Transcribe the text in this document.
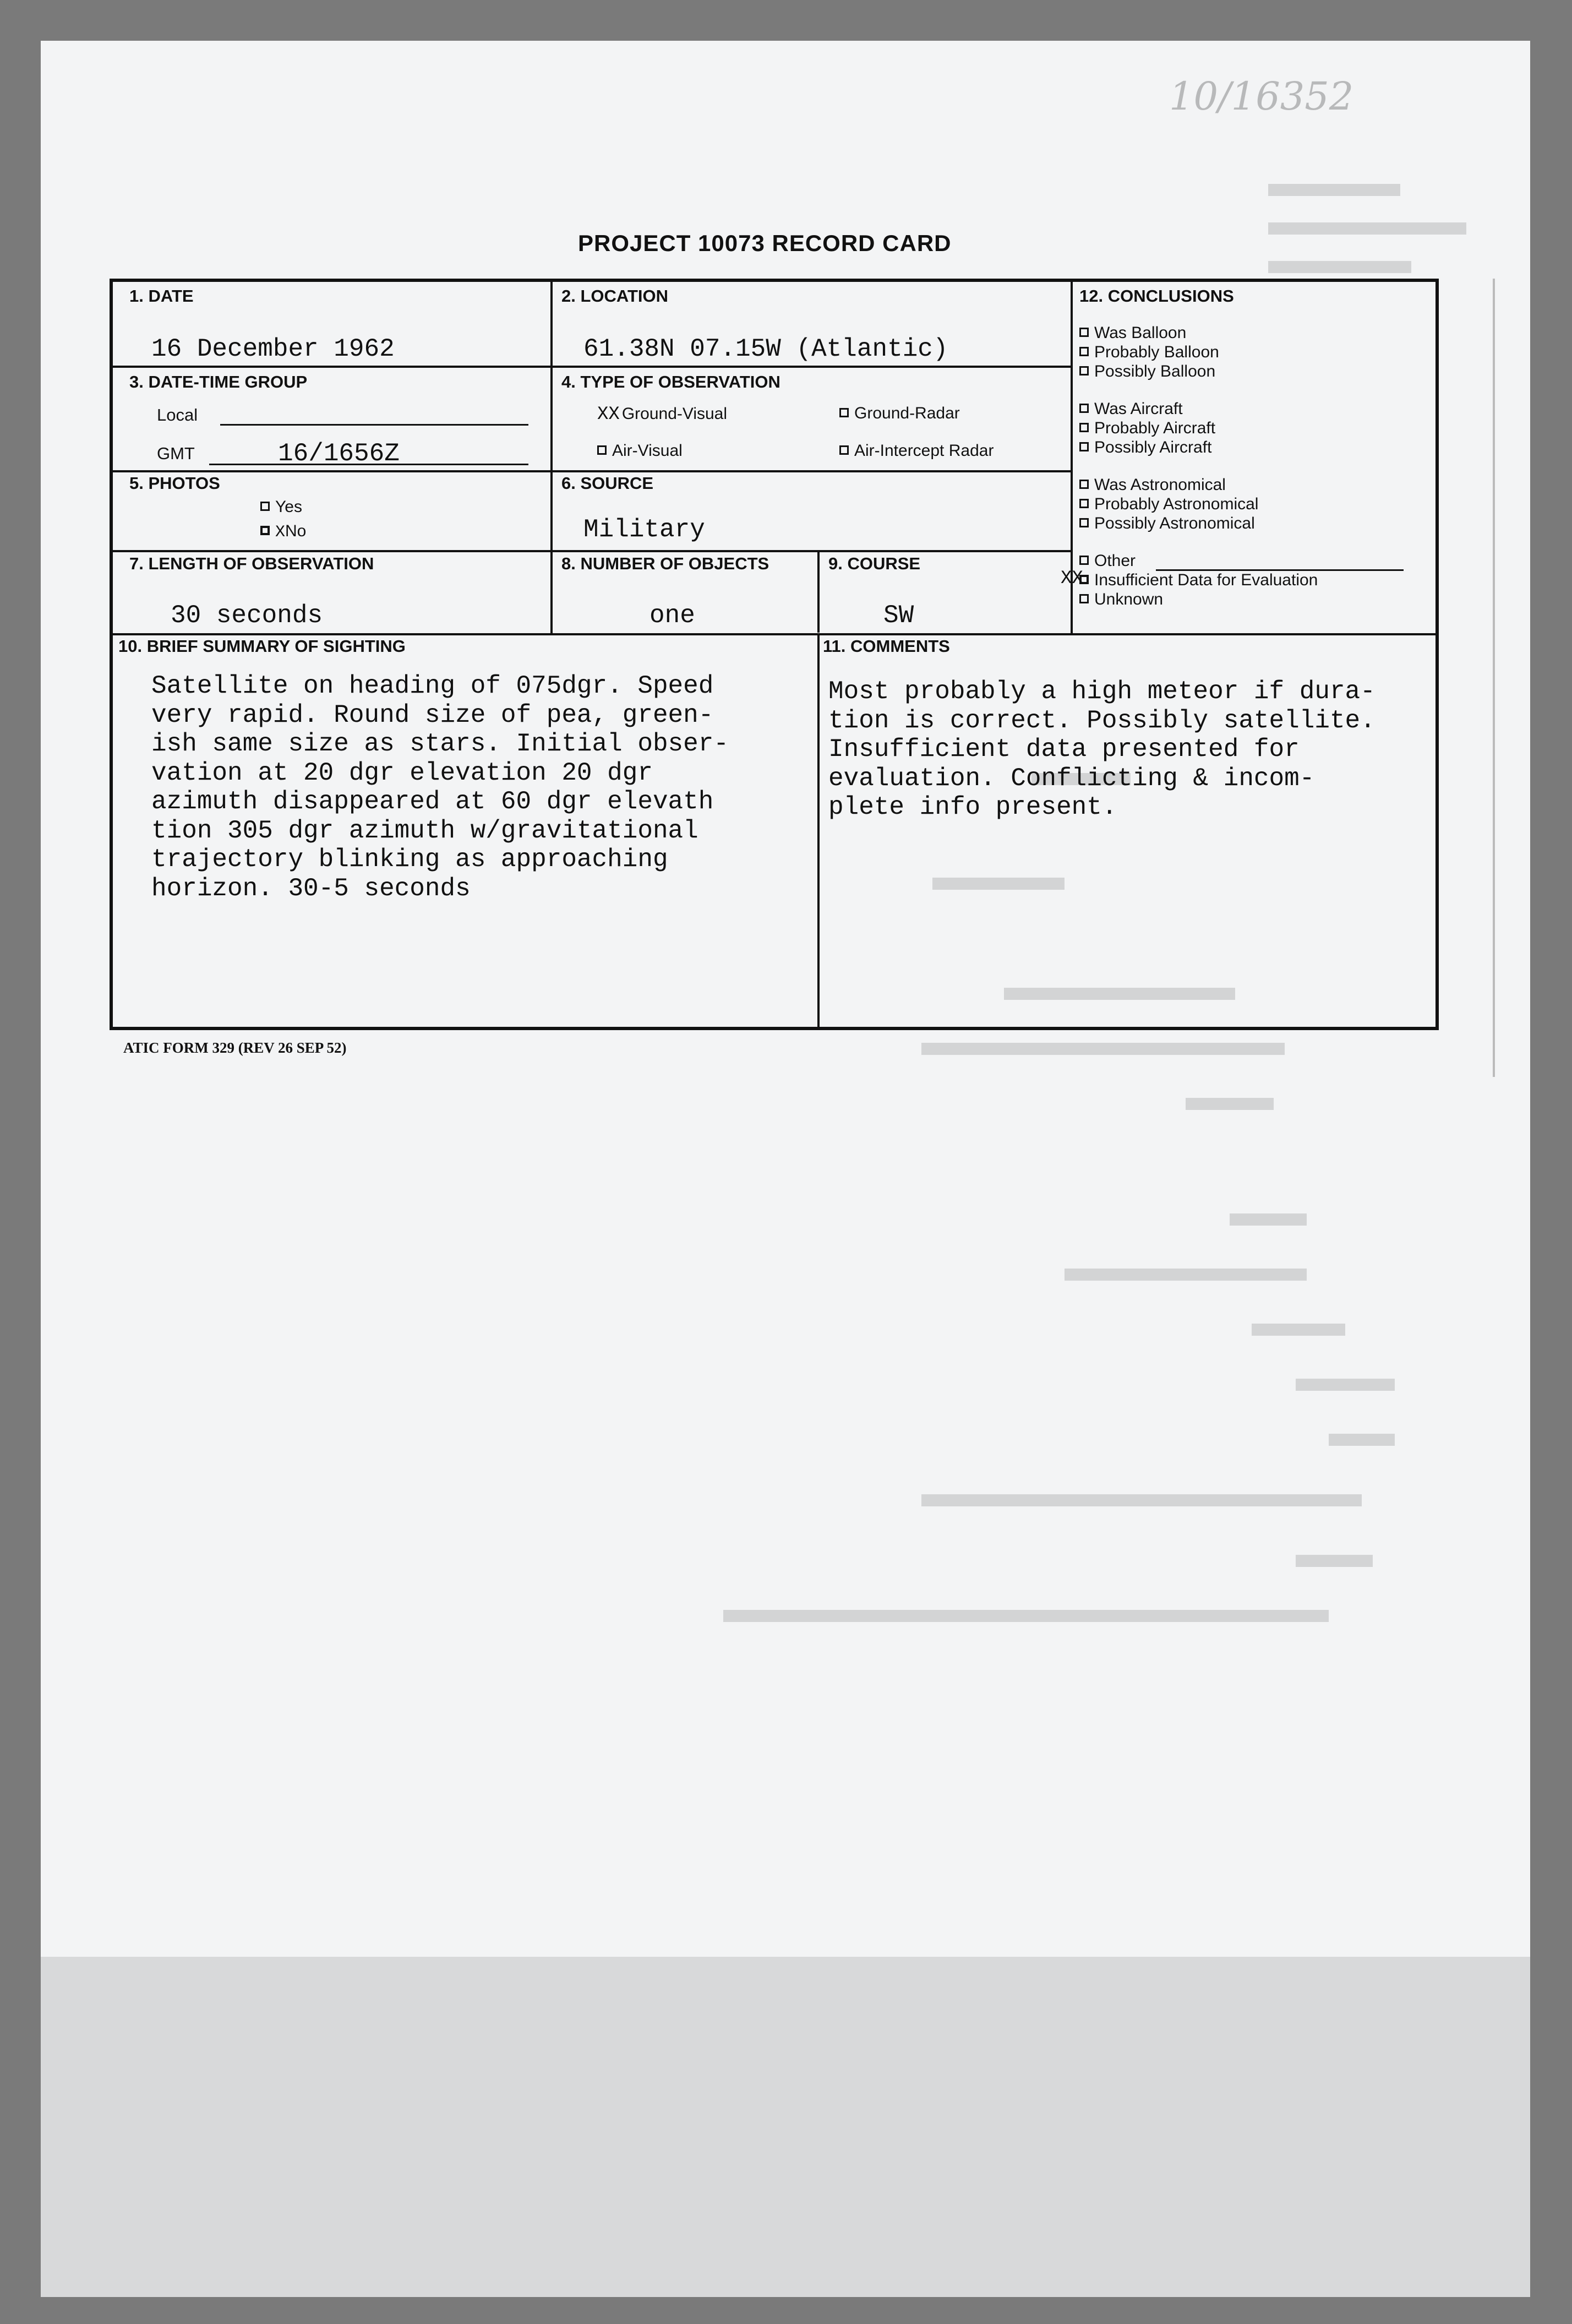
10/16352
PROJECT 10073 RECORD CARD
1. DATE
16 December 1962
2. LOCATION
61.38N 07.15W (Atlantic)
3. DATE-TIME GROUP
Local
GMT	16/1656Z
4. TYPE OF OBSERVATION
XX Ground-Visual	Ground-Radar
Air-Visual	Air-Intercept Radar
5. PHOTOS
Yes
XNo
6. SOURCE
Military
7. LENGTH OF OBSERVATION
30 seconds
8. NUMBER OF OBJECTS
one
9. COURSE
SW
10. BRIEF SUMMARY OF SIGHTING
Satellite on heading of 075dgr. Speed
very rapid. Round size of pea, green-
ish same size as stars. Initial obser-
vation at 20 dgr elevation 20 dgr
azimuth disappeared at 60 dgr elevath
tion 305 dgr azimuth w/gravitational
trajectory blinking as approaching
horizon. 30-5 seconds
11. COMMENTS
Most probably a high meteor if dura-
tion is correct. Possibly satellite.
Insufficient data presented for
evaluation. Conflicting & incom-
plete info present.
12. CONCLUSIONS
Was Balloon
Probably Balloon
Possibly Balloon
Was Aircraft
Probably Aircraft
Possibly Aircraft
Was Astronomical
Probably Astronomical
Possibly Astronomical
Other
Insufficient Data for Evaluation
XX
Unknown
ATIC FORM 329 (REV 26 SEP 52)
